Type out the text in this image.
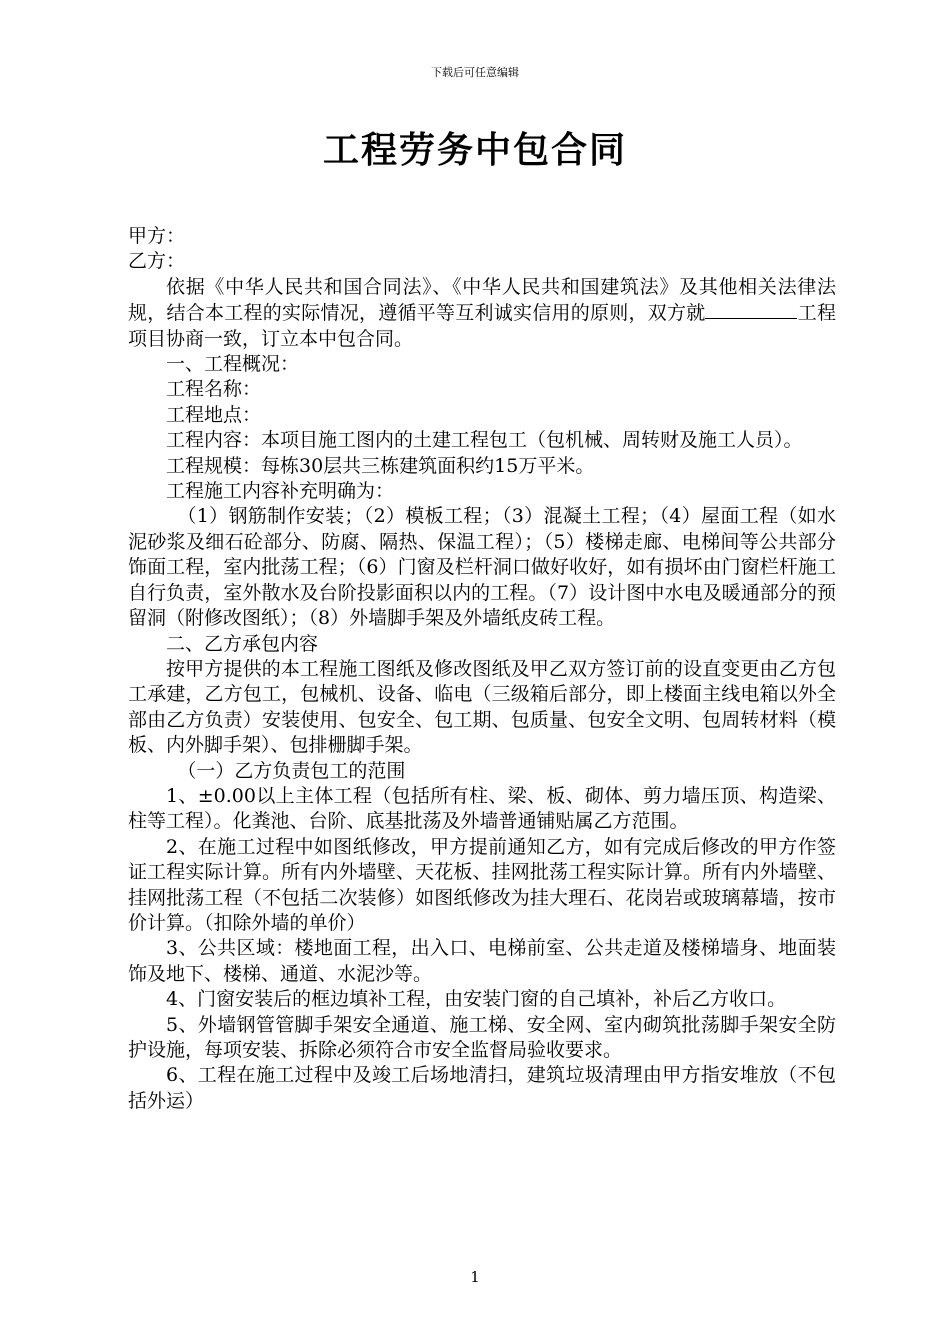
下载后可任意编辑
工程劳务中包合同

甲方：

乙方：

依据《中华人民共和国合同法》、《中华人民共和国建筑法》及其他相关法律法规，结合本工程的实际情况，遵循平等互利诚实信用的原则，双方就	工程项目协商一致，订立本中包合同。

一、工程概况：

工程名称：

工程地点：

工程内容：本项目施工图内的土建工程包工（包机械、周转财及施工人员）。

工程规模：每栋30层共三栋建筑面积约15万平米。

工程施工内容补充明确为：

（1）钢筋制作安装；（2）模板工程；（3）混凝土工程；（4）屋面工程（如水泥砂浆及细石砼部分、防腐、隔热、保温工程）；（5）楼梯走廊、电梯间等公共部分饰面工程，室内批荡工程；（6）门窗及栏杆洞口做好收好，如有损坏由门窗栏杆施工自行负责，室外散水及台阶投影面积以内的工程。（7）设计图中水电及暖通部分的预留洞（附修改图纸）；（8）外墙脚手架及外墙纸皮砖工程。

二、乙方承包内容

按甲方提供的本工程施工图纸及修改图纸及甲乙双方签订前的设直变更由乙方包工承建，乙方包工，包械机、设备、临电（三级箱后部分，即上楼面主线电箱以外全部由乙方负责）安装使用、包安全、包工期、包质量、包安全文明、包周转材料（模板、内外脚手架）、包排栅脚手架。

（一）乙方负责包工的范围

1、±0.00以上主体工程（包括所有柱、梁、板、砌体、剪力墙压顶、构造梁、柱等工程）。化粪池、台阶、底基批荡及外墙普通铺贴属乙方范围。

2、在施工过程中如图纸修改，甲方提前通知乙方，如有完成后修改的甲方作签证工程实际计算。所有内外墙壁、天花板、挂网批荡工程实际计算。所有内外墙壁、挂网批荡工程（不包括二次装修）如图纸修改为挂大理石、花岗岩或玻璃幕墙，按市价计算。（扣除外墙的单价）

3、公共区域：楼地面工程，出入口、电梯前室、公共走道及楼梯墙身、地面装饰及地下、楼梯、通道、水泥沙等。

4、门窗安装后的框边填补工程，由安装门窗的自己填补，补后乙方收口。

5、外墙钢管管脚手架安全通道、施工梯、安全网、室内砌筑批荡脚手架安全防护设施，每项安装、拆除必须符合市安全监督局验收要求。

6、工程在施工过程中及竣工后场地清扫，建筑垃圾清理由甲方指安堆放（不包括外运）

1
